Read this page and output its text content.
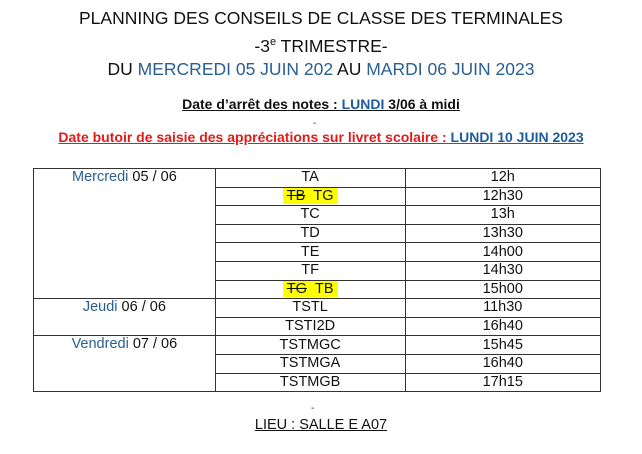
PLANNING DES CONSEILS DE CLASSE DES TERMINALES
-3e TRIMESTRE-
DU MERCREDI 05 JUIN 202 AU MARDI 06 JUIN 2023
Date d’arrêt des notes : LUNDI 3/06 à midi
-
Date butoir de saisie des appréciations sur livret scolaire : LUNDI 10 JUIN 2023
Mercredi 05 / 06	TA	12h
	TB TG	12h30
	TC	13h
	TD	13h30
	TE	14h00
	TF	14h30
	TG TB	15h00
Jeudi 06 / 06	TSTL	11h30
	TSTI2D	16h40
Vendredi 07 / 06	TSTMGC	15h45
	TSTMGA	16h40
	TSTMGB	17h15
-
LIEU : SALLE E A07
